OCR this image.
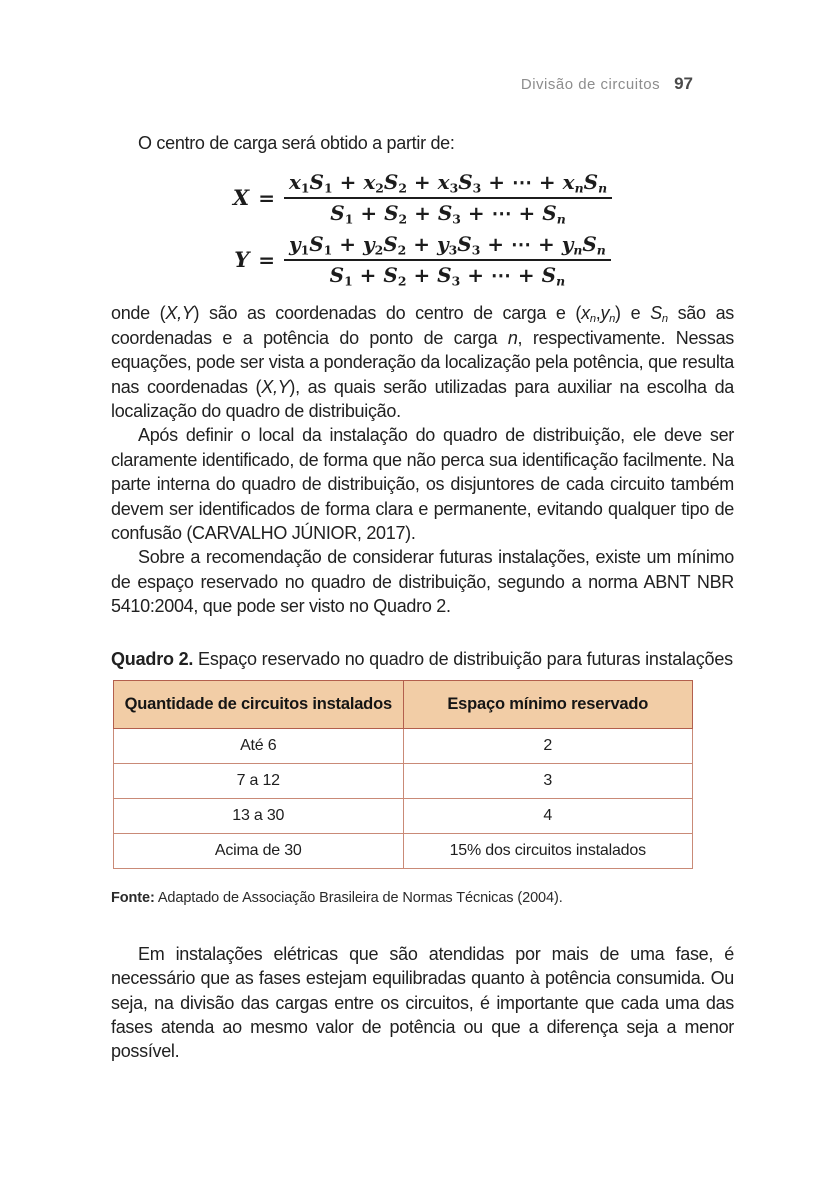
Divisão de circuitos 97

O centro de carga será obtido a partir de:

$X = \frac{x_1S_1 + x_2S_2 + x_3S_3 + \cdots + x_nS_n}{S_1 + S_2 + S_3 + \cdots + S_n}$
$Y = \frac{y_1S_1 + y_2S_2 + y_3S_3 + \cdots + y_nS_n}{S_1 + S_2 + S_3 + \cdots + S_n}$

onde (X,Y) são as coordenadas do centro de carga e $(x_n,y_n)$ e $S_n$ são as coordenadas e a potência do ponto de carga n, respectivamente. Nessas equações, pode ser vista a ponderação da localização pela potência, que resulta nas coordenadas (X,Y), as quais serão utilizadas para auxiliar na escolha da localização do quadro de distribuição.

Após definir o local da instalação do quadro de distribuição, ele deve ser claramente identificado, de forma que não perca sua identificação facilmente. Na parte interna do quadro de distribuição, os disjuntores de cada circuito também devem ser identificados de forma clara e permanente, evitando qualquer tipo de confusão (CARVALHO JÚNIOR, 2017).

Sobre a recomendação de considerar futuras instalações, existe um mínimo de espaço reservado no quadro de distribuição, segundo a norma ABNT NBR 5410:2004, que pode ser visto no Quadro 2.

Quadro 2. Espaço reservado no quadro de distribuição para futuras instalações
Quantidade de circuitos instalados	Espaço mínimo reservado
Até 6	2
7 a 12	3
13 a 30	4
Acima de 30	15% dos circuitos instalados

Fonte: Adaptado de Associação Brasileira de Normas Técnicas (2004).

Em instalações elétricas que são atendidas por mais de uma fase, é necessário que as fases estejam equilibradas quanto à potência consumida. Ou seja, na divisão das cargas entre os circuitos, é importante que cada uma das fases atenda ao mesmo valor de potência ou que a diferença seja a menor possível.
